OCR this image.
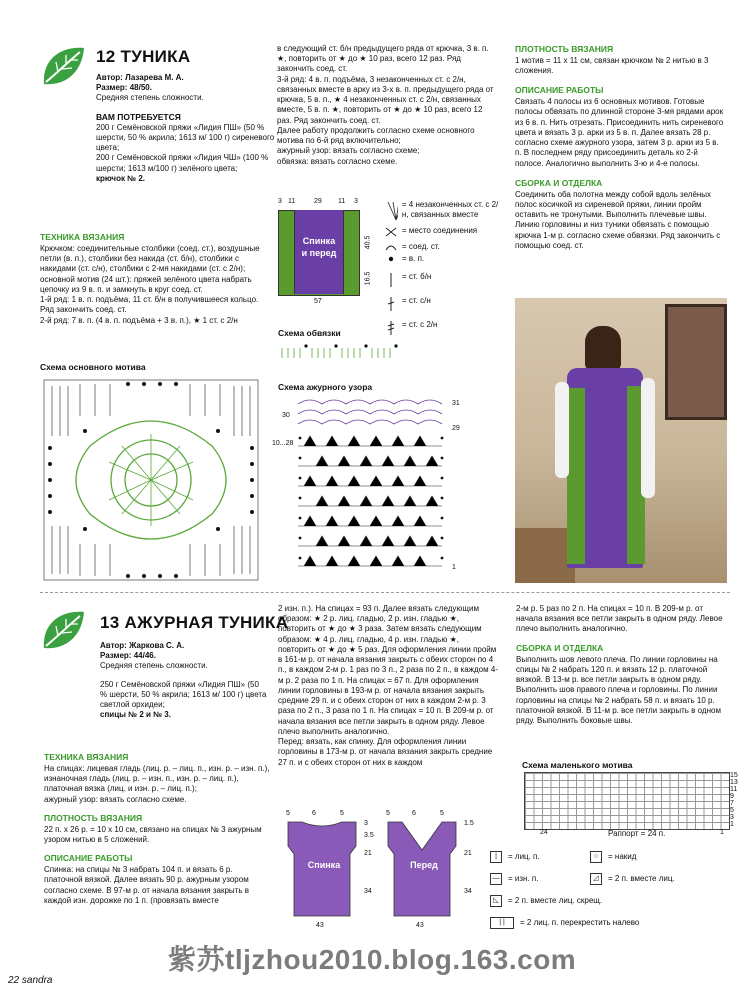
12 ТУНИКА

Автор: Лазарева М. А.

Размер: 48/50.

Средняя степень сложности.

ВАМ ПОТРЕБУЕТСЯ

200 г Семёновской пряжи «Лидия ПШ» (50 % шерсти, 50 % акрила; 1613 м/ 100 г) сиреневого цвета;

200 г Семёновской пряжи «Лидия ЧШ» (100 % шерсти; 1613 м/100 г) зелёного цвета;

крючок № 2.

ТЕХНИКА ВЯЗАНИЯ

Крючком: соединительные столбики (соед. ст.), воздушные петли (в. п.), столбики без накида (ст. б/н), столбики с накидами (ст. с/н), столбики с 2-мя накидами (ст. с 2/н);

основной мотив (24 шт.): пряжей зелёного цвета набрать цепочку из 9 в. п. и замкнуть в круг соед. ст.

1-й ряд: 1 в. п. подъёма, 11 ст. б/н в получившееся кольцо. Ряд закончить соед. ст.

2-й ряд: 7 в. п. (4 в. п. подъёма + 3 в. п.), ★ 1 ст. с 2/н

Схема основного мотива

в следующий ст. б/н предыдущего ряда от крючка, 3 в. п. ★, повторить от ★ до ★ 10 раз, всего 12 раз. Ряд закончить соед. ст.

3-й ряд: 4 в. п. подъёма, 3 незаконченных ст. с 2/н, связанных вместе в арку из 3-х в. п. предыдущего ряда от крючка, 5 в. п., ★ 4 незаконченных ст. с 2/н, связанных вместе, 5 в. п. ★, повторить от ★ до ★ 10 раз, всего 12 раз. Ряд закончить соед. ст.

Далее работу продолжить согласно схеме основного мотива по 6-й ряд включительно;

ажурный узор: вязать согласно схеме;

обвязка: вязать согласно схеме.

3 11	29 11 3
Спинка
и перед
40.5
16.5
57
= 4 незаконченных ст. с 2/н, связанных вместе
= место соединения
= соед. ст.
= в. п.
= ст. б/н
= ст. с/н
= ст. с 2/н
Схема обвязки
Схема ажурного узора
31
30
29
10...28
1

ПЛОТНОСТЬ ВЯЗАНИЯ

1 мотив = 11 х 11 см, связан крючком № 2 нитью в 3 сложения.

ОПИСАНИЕ РАБОТЫ

Связать 4 полосы из 6 основных мотивов. Готовые полосы обвязать по длинной стороне 3-мя рядами арок из 6 в. п. Нить отрезать. Присоединить нить сиреневого цвета и вязать 3 р. арки из 5 в. п. Далее вязать 28 р. согласно схеме ажурного узора, затем 3 р. арки из 5 в. п. В последнем ряду присоединить деталь ко 2-й полосе. Аналогично выполнить 3-ю и 4-е полосы.

СБОРКА И ОТДЕЛКА

Соединить оба полотна между собой вдоль зелёных полос косичкой из сиреневой пряжи, линии пройм оставить не тронутыми. Выполнить плечевые швы. Линию горловины и низ туники обвязать с помощью крючка 1-м р. согласно схеме обвязки. Ряд закончить с помощью соед. ст.

13 АЖУРНАЯ ТУНИКА

Автор: Жаркова С. А.

Размер: 44/46.

Средняя степень сложности.

250 г Семёновской пряжи «Лидия ПШ» (50 % шерсти, 50 % акрила; 1613 м/ 100 г) цвета светлой орхидеи;

спицы № 2 и № 3.

ТЕХНИКА ВЯЗАНИЯ

На спицах: лицевая гладь (лиц. р. – лиц. п., изн. р. – изн. п.), изнаночная гладь (лиц. р. – изн. п., изн. р. – лиц. п.), платочная вязка (лиц. и изн. р. – лиц. п.);

ажурный узор: вязать согласно схеме.

ПЛОТНОСТЬ ВЯЗАНИЯ

22 п. х 26 р. = 10 х 10 см, связано на спицах № 3 ажурным узором нитью в 5 сложений.

ОПИСАНИЕ РАБОТЫ

Спинка: на спицы № 3 набрать 104 п. и вязать 6 р. платочной вязкой. Далее вязать 90 р. ажурным узором согласно схеме. В 97-м р. от начала вязания закрыть в каждой изн. дорожке по 1 п. (провязать вместе

2 изн. п.). На спицах = 93 п. Далее вязать следующим образом: ★ 2 р. лиц. гладью, 2 р. изн. гладью ★, повторить от ★ до ★ 3 раза. Затем вязать следующим образом: ★ 4 р. лиц. гладью, 4 р. изн. гладью ★, повторить от ★ до ★ 5 раз. Для оформления линии пройм в 161-м р. от начала вязания закрыть с обеих сторон по 4 п., в каждом 2-м р. 1 раз по 3 п., 2 раза по 2 п., в каждом 4-м р. 2 раза по 1 п. На спицах = 67 п. Для оформления линии горловины в 193-м р. от начала вязания закрыть средние 29 п. и с обеих сторон от них в каждом 2-м р. 3 раза по 2 п., 3 раза по 1 п. На спицах = 10 п. В 209-м р. от начала вязания все петли закрыть в одном ряду. Левое плечо выполнить аналогично.

Перед: вязать, как спинку. Для оформления линии горловины в 173-м р. от начала вязания закрыть средние 27 п. и с обеих сторон от них в каждом

5	6	5
Спинка
3
3.5
21
34
43
5	6	5
Перед
1.5
21
34
43

2-м р. 5 раз по 2 п. На спицах = 10 п. В 209-м р. от начала вязания все петли закрыть в одном ряду. Левое плечо выполнить аналогично.

СБОРКА И ОТДЕЛКА

Выполнить шов левого плеча. По линии горловины на спицы № 2 набрать 120 п. и вязать 12 р. платочной вязкой. В 13-м р. все петли закрыть в одном ряду. Выполнить шов правого плеча и горловины. По линии горловины на спицы № 2 набрать 58 п. и вязать 10 р. платочной вязкой. В 11-м р. все петли закрыть в одном ряду. Выполнить боковые швы.

Схема маленького мотива
15
13
11
9
7
5
3
1
24	1
Раппорт = 24 п.
|	= лиц. п.	○	= накид
—	= изн. п.	◿	= 2 п. вместе лиц.
◺	= 2 п. вместе лиц. скрещ.
| |	= 2 лиц. п. перекрестить налево
22 sandra
紫苏tljzhou2010.blog.163.com
